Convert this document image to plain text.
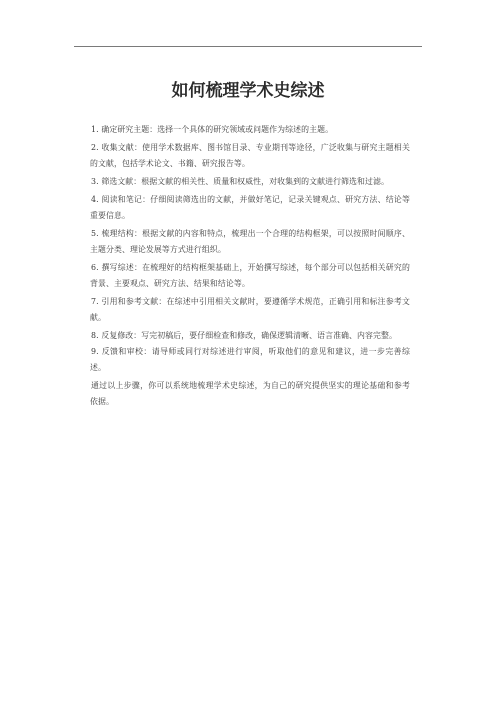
如何梳理学术史综述

1. 确定研究主题：选择一个具体的研究领域或问题作为综述的主题。

2. 收集文献：使用学术数据库、图书馆目录、专业期刊等途径，广泛收集与研究主题相关的文献，包括学术论文、书籍、研究报告等。

3. 筛选文献：根据文献的相关性、质量和权威性，对收集到的文献进行筛选和过滤。

4. 阅读和笔记：仔细阅读筛选出的文献，并做好笔记，记录关键观点、研究方法、结论等重要信息。

5. 梳理结构：根据文献的内容和特点，梳理出一个合理的结构框架，可以按照时间顺序、主题分类、理论发展等方式进行组织。

6. 撰写综述：在梳理好的结构框架基础上，开始撰写综述，每个部分可以包括相关研究的背景、主要观点、研究方法、结果和结论等。

7. 引用和参考文献：在综述中引用相关文献时，要遵循学术规范，正确引用和标注参考文献。

8. 反复修改：写完初稿后，要仔细检查和修改，确保逻辑清晰、语言准确、内容完整。

9. 反馈和审校：请导师或同行对综述进行审阅，听取他们的意见和建议，进一步完善综述。

通过以上步骤，你可以系统地梳理学术史综述，为自己的研究提供坚实的理论基础和参考依据。
